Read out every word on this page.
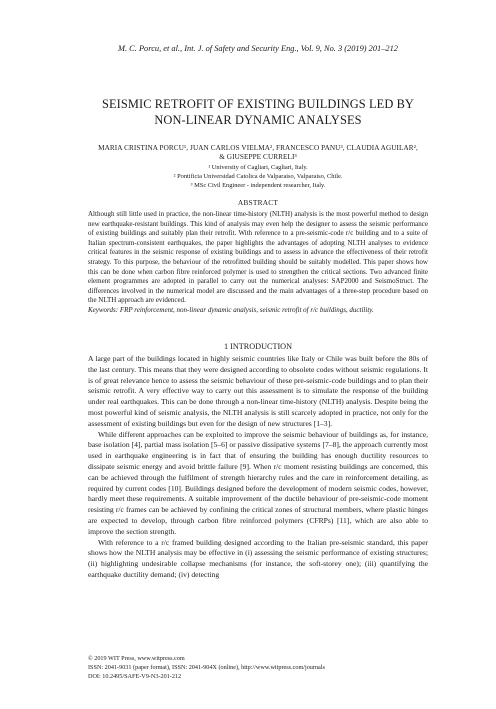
M. C. Porcu, et al., Int. J. of Safety and Security Eng., Vol. 9, No. 3 (2019) 201–212
SEISMIC RETROFIT OF EXISTING BUILDINGS LED BY
NON-LINEAR DYNAMIC ANALYSES
MARIA CRISTINA PORCU¹, JUAN CARLOS VIELMA², FRANCESCO PANU³, CLAUDIA AGUILAR²,
& GIUSEPPE CURRELI³
¹ University of Cagliari, Cagliari, Italy.
² Pontificia Universidad Catolica de Valparaiso, Valparaiso, Chile.
³ MSc Civil Engineer - independent researcher, Italy.
ABSTRACT
Although still little used in practice, the non-linear time-history (NLTH) analysis is the most powerful method to design new earthquake-resistant buildings. This kind of analysis may even help the designer to assess the seismic performance of existing buildings and suitably plan their retrofit. With reference to a pre-seismic-code r/c building and to a suite of Italian spectrum-consistent earthquakes, the paper highlights the advantages of adopting NLTH analyses to evidence critical features in the seismic response of existing buildings and to assess in advance the effectiveness of their retrofit strategy. To this purpose, the behaviour of the retrofitted building should be suitably modelled. This paper shows how this can be done when carbon fibre reinforced polymer is used to strengthen the critical sections. Two advanced finite element programmes are adopted in parallel to carry out the numerical analyses: SAP2000 and SeismoStruct. The differences involved in the numerical model are discussed and the main advantages of a three-step procedure based on the NLTH approach are evidenced.
Keywords: FRP reinforcement, non-linear dynamic analysis, seismic retrofit of r/c buildings, ductility.
1 INTRODUCTION

A large part of the buildings located in highly seismic countries like Italy or Chile was built before the 80s of the last century. This means that they were designed according to obsolete codes without seismic regulations. It is of great relevance hence to assess the seismic behaviour of these pre-seismic-code buildings and to plan their seismic retrofit. A very effective way to carry out this assessment is to simulate the response of the building under real earthquakes. This can be done through a non-linear time-history (NLTH) analysis. Despite being the most powerful kind of seismic analysis, the NLTH analysis is still scarcely adopted in practice, not only for the assessment of existing buildings but even for the design of new structures [1–3].

While different approaches can be exploited to improve the seismic behaviour of buildings as, for instance, base isolation [4], partial mass isolation [5–6] or passive dissipative systems [7–8], the approach currently most used in earthquake engineering is in fact that of ensuring the building has enough ductility resources to dissipate seismic energy and avoid brittle failure [9]. When r/c moment resisting buildings are concerned, this can be achieved through the fulfilment of strength hierarchy rules and the care in reinforcement detailing, as required by current codes [10]. Buildings designed before the development of modern seismic codes, however, hardly meet these requirements. A suitable improvement of the ductile behaviour of pre-seismic-code moment resisting r/c frames can be achieved by confining the critical zones of structural members, where plastic hinges are expected to develop, through carbon fibre reinforced polymers (CFRPs) [11], which are also able to improve the section strength.

With reference to a r/c framed building designed according to the Italian pre-seismic standard, this paper shows how the NLTH analysis may be effective in (i) assessing the seismic performance of existing structures; (ii) highlighting undesirable collapse mechanisms (for instance, the soft-storey one); (iii) quantifying the earthquake ductility demand; (iv) detecting

© 2019 WIT Press, www.witpress.com
ISSN: 2041-9031 (paper format), ISSN: 2041-904X (online), http://www.witpress.com/journals
DOI: 10.2495/SAFE-V9-N3-201-212
